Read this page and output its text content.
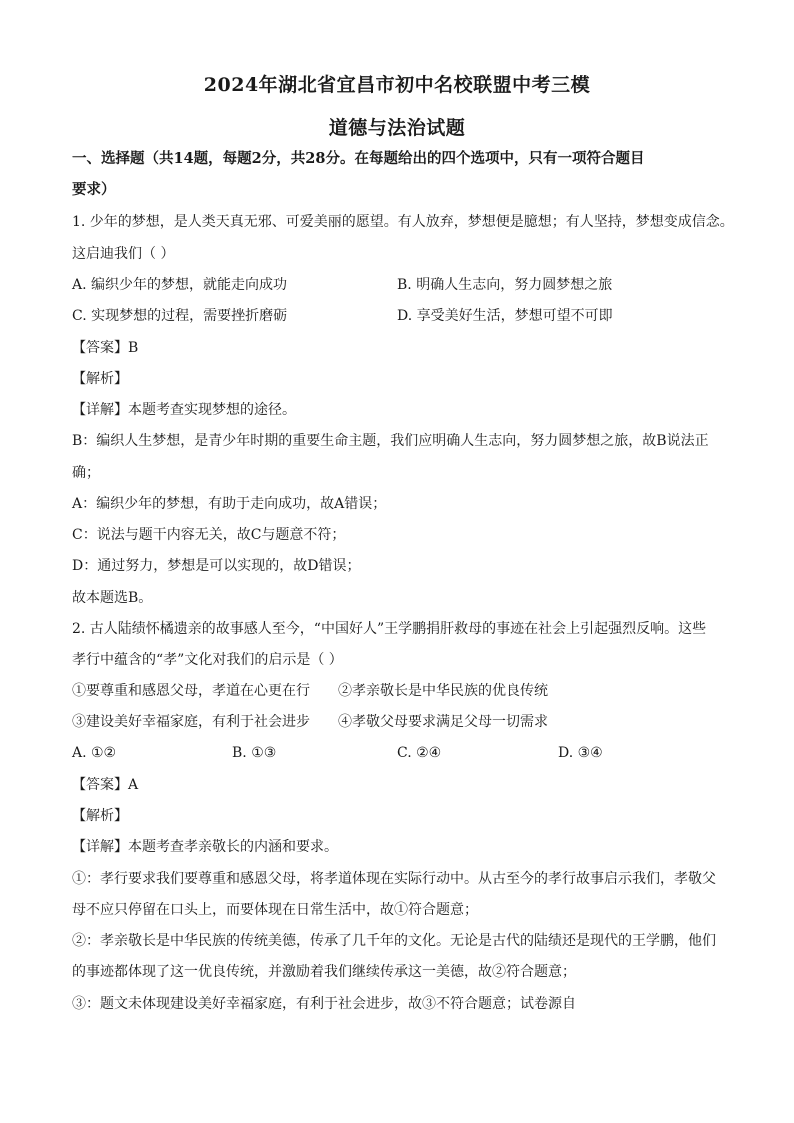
2024年湖北省宜昌市初中名校联盟中考三模
道德与法治试题
一、选择题（共14题，每题2分，共28分。在每题给出的四个选项中，只有一项符合题目
要求）
1. 少年的梦想，是人类天真无邪、可爱美丽的愿望。有人放弃，梦想便是臆想；有人坚持，梦想变成信念。
这启迪我们（ ）
A. 编织少年的梦想，就能走向成功	B. 明确人生志向，努力圆梦想之旅
C. 实现梦想的过程，需要挫折磨砺	D. 享受美好生活，梦想可望不可即
【答案】B
【解析】
【详解】本题考查实现梦想的途径。
B：编织人生梦想，是青少年时期的重要生命主题，我们应明确人生志向，努力圆梦想之旅，故B说法正
确；
A：编织少年的梦想，有助于走向成功，故A错误；
C：说法与题干内容无关，故C与题意不符；
D：通过努力，梦想是可以实现的，故D错误；
故本题选B。
2. 古人陆绩怀橘遗亲的故事感人至今，“中国好人”王学鹏捐肝救母的事迹在社会上引起强烈反响。这些
孝行中蕴含的“孝”文化对我们的启示是（ ）
①要尊重和感恩父母，孝道在心更在行 ②孝亲敬长是中华民族的优良传统
③建设美好幸福家庭，有利于社会进步 ④孝敬父母要求满足父母一切需求
A. ①②	B. ①③	C. ②④	D. ③④
【答案】A
【解析】
【详解】本题考查孝亲敬长的内涵和要求。
①：孝行要求我们要尊重和感恩父母，将孝道体现在实际行动中。从古至今的孝行故事启示我们，孝敬父
母不应只停留在口头上，而要体现在日常生活中，故①符合题意；
②：孝亲敬长是中华民族的传统美德，传承了几千年的文化。无论是古代的陆绩还是现代的王学鹏，他们
的事迹都体现了这一优良传统，并激励着我们继续传承这一美德，故②符合题意；
③：题文未体现建设美好幸福家庭，有利于社会进步，故③不符合题意；试卷源自
